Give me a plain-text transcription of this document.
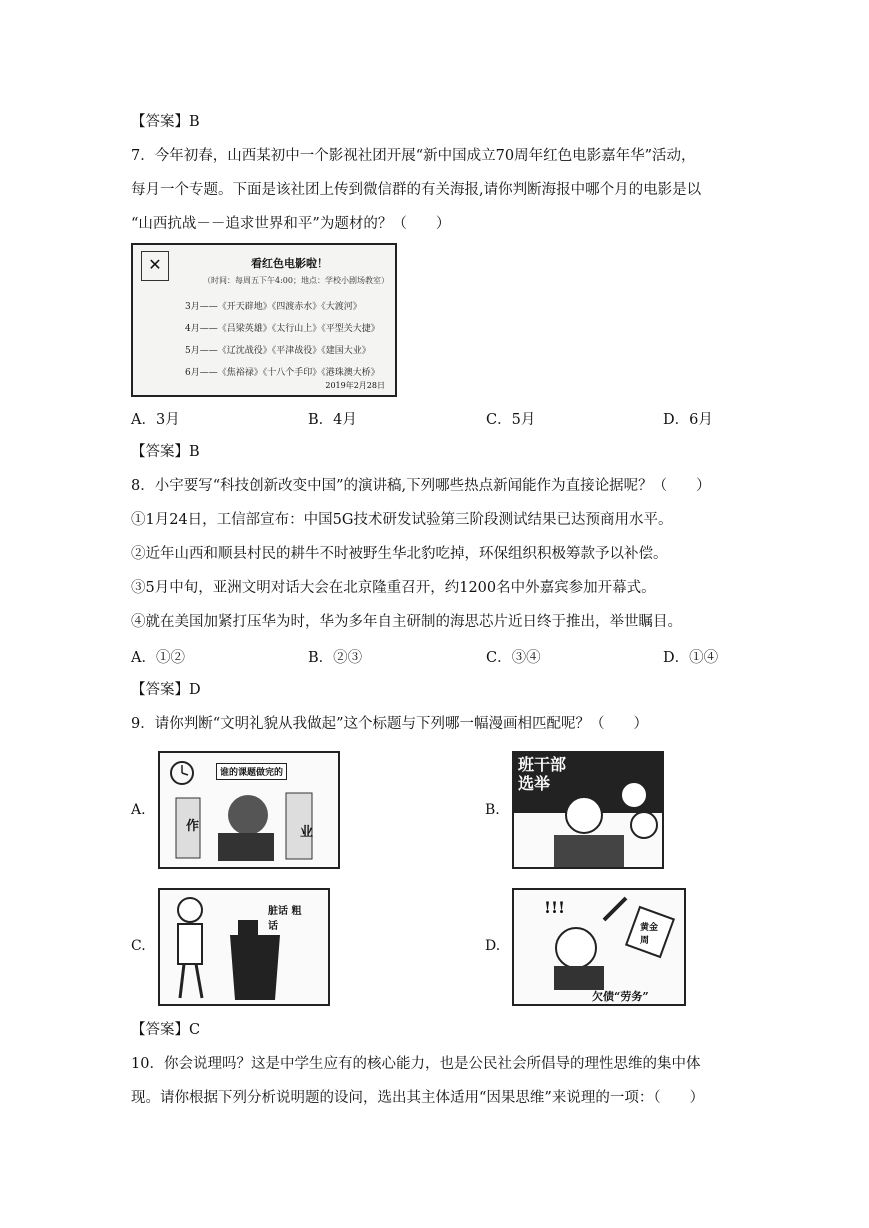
【答案】B
7．今年初春，山西某初中一个影视社团开展“新中国成立70周年红色电影嘉年华”活动，
每月一个专题。下面是该社团上传到微信群的有关海报,请你判断海报中哪个月的电影是以
“山西抗战－－追求世界和平”为题材的？（　　）
✕	看红色电影啦！
（时间：每周五下午4:00；地点：学校小剧场教室）
3月——《开天辟地》《四渡赤水》《大渡河》
4月——《吕梁英雄》《太行山上》《平型关大捷》
5月——《辽沈战役》《平津战役》《建国大业》
6月——《焦裕禄》《十八个手印》《港珠澳大桥》
2019年2月28日
A．3月	B．4月	C．5月	D．6月
【答案】B
8．小宇要写“科技创新改变中国”的演讲稿,下列哪些热点新闻能作为直接论据呢？（　　）
①1月24日，工信部宣布：中国5G技术研发试验第三阶段测试结果已达预商用水平。
②近年山西和顺县村民的耕牛不时被野生华北豹吃掉，环保组织积极筹款予以补偿。
③5月中旬，亚洲文明对话大会在北京隆重召开，约1200名中外嘉宾参加开幕式。
④就在美国加紧打压华为时，华为多年自主研制的海思芯片近日终于推出，举世瞩目。
A．①②	B．②③	C．③④	D．①④
【答案】D
9．请你判断“文明礼貌从我做起”这个标题与下列哪一幅漫画相匹配呢？（　　）
A.
谁的课题做完的
作	业
B.
班干部选举
C.
脏话 粗话
D.
!!!
黄金周
欠债“劳务”
【答案】C
10．你会说理吗？这是中学生应有的核心能力，也是公民社会所倡导的理性思维的集中体
现。请你根据下列分析说明题的设问，选出其主体适用“因果思维”来说理的一项：（　　）
